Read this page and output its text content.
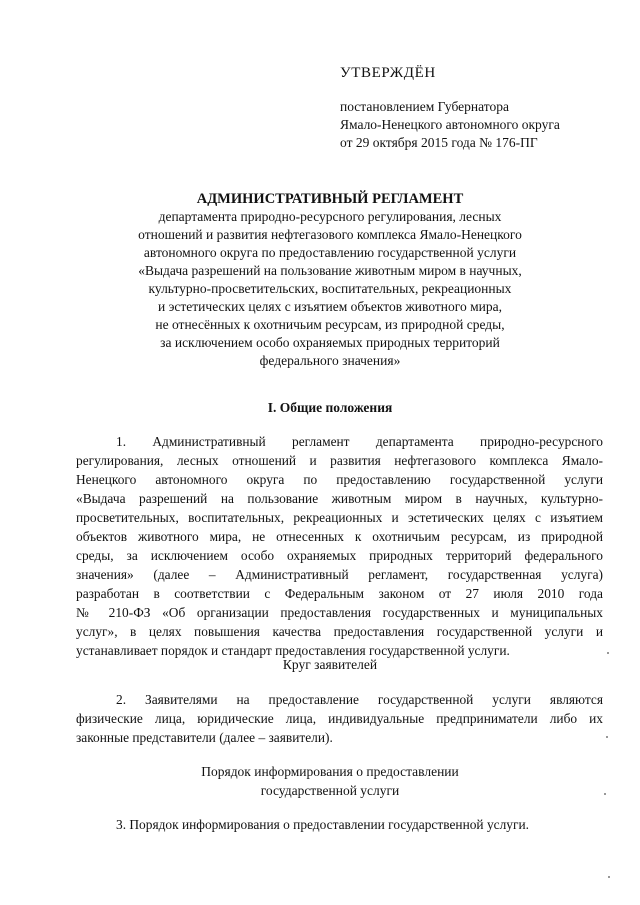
УТВЕРЖДЁН
постановлением Губернатора
Ямало-Ненецкого автономного округа
от 29 октября 2015 года № 176-ПГ
АДМИНИСТРАТИВНЫЙ РЕГЛАМЕНТ
департамента природно-ресурсного регулирования, лесных
отношений и развития нефтегазового комплекса Ямало-Ненецкого
автономного округа по предоставлению государственной услуги
«Выдача разрешений на пользование животным миром в научных,
культурно-просветительских, воспитательных, рекреационных
и эстетических целях с изъятием объектов животного мира,
не отнесённых к охотничьим ресурсам, из природной среды,
за исключением особо охраняемых природных территорий
федерального значения»
I. Общие положения
1. Административный регламент департамента природно-ресурсного
регулирования, лесных отношений и развития нефтегазового комплекса Ямало-
Ненецкого автономного округа по предоставлению государственной услуги
«Выдача разрешений на пользование животным миром в научных, культурно-
просветительных, воспитательных, рекреационных и эстетических целях с изъятием
объектов животного мира, не отнесенных к охотничьим ресурсам, из природной
среды, за исключением особо охраняемых природных территорий федерального
значения» (далее – Административный регламент, государственная услуга)
разработан в соответствии с Федеральным законом от 27 июля 2010 года
№ 210-ФЗ «Об организации предоставления государственных и муниципальных
услуг», в целях повышения качества предоставления государственной услуги и
устанавливает порядок и стандарт предоставления государственной услуги.
Круг заявителей
2. Заявителями на предоставление государственной услуги являются
физические лица, юридические лица, индивидуальные предприниматели либо их
законные представители (далее – заявители).
Порядок информирования о предоставлении
государственной услуги
3. Порядок информирования о предоставлении государственной услуги.
